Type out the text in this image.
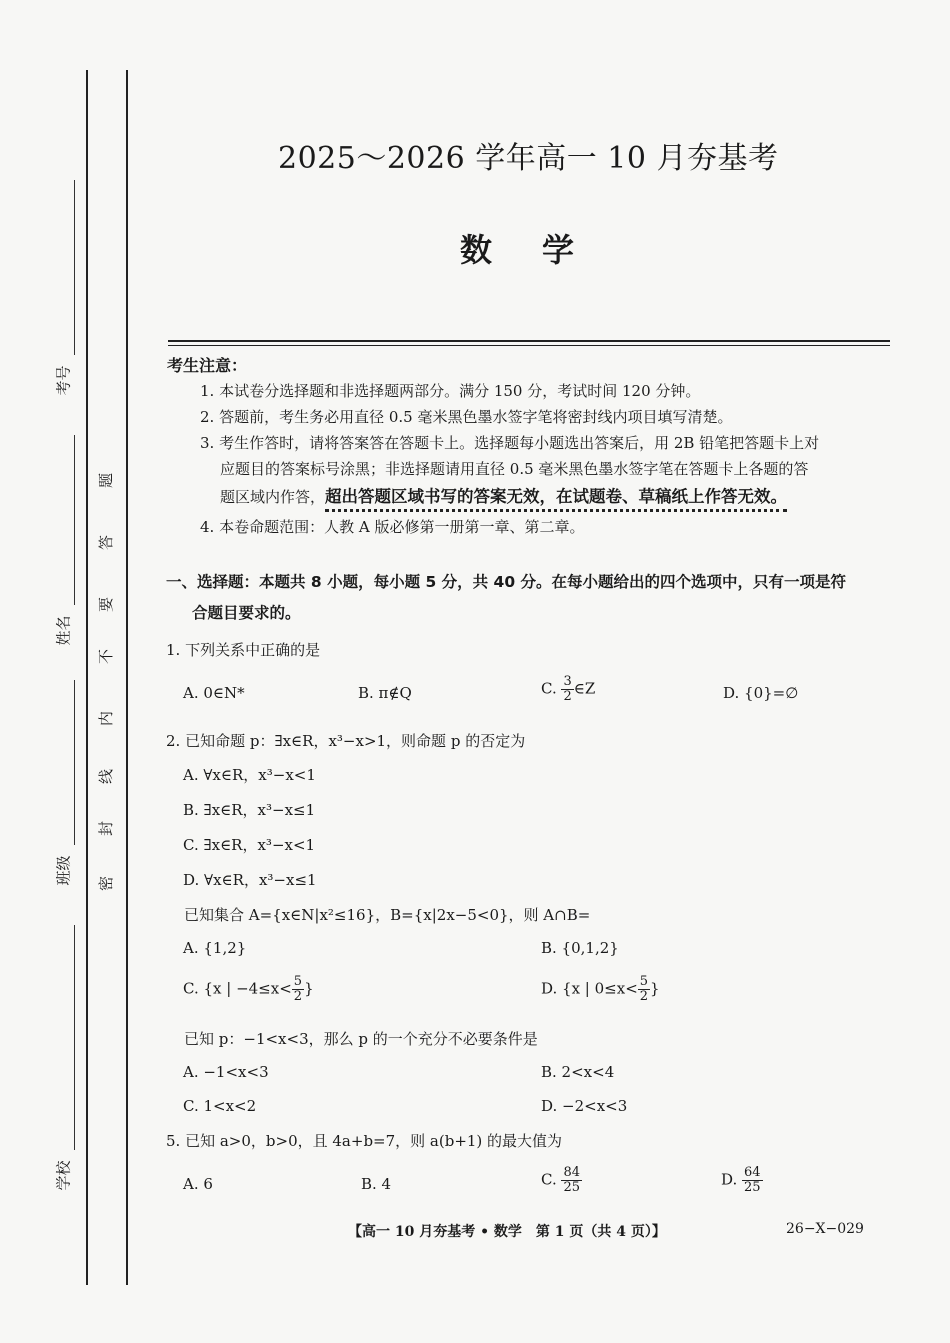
考号
姓名
班级
学校
题
答
要
不
内
线
封
密
2025～2026 学年高一 10 月夯基考
数学
考生注意：
1. 本试卷分选择题和非选择题两部分。满分 150 分，考试时间 120 分钟。
2. 答题前，考生务必用直径 0.5 毫米黑色墨水签字笔将密封线内项目填写清楚。
3. 考生作答时，请将答案答在答题卡上。选择题每小题选出答案后，用 2B 铅笔把答题卡上对
应题目的答案标号涂黑；非选择题请用直径 0.5 毫米黑色墨水签字笔在答题卡上各题的答
题区域内作答，超出答题区域书写的答案无效，在试题卷、草稿纸上作答无效。
4. 本卷命题范围：人教 A 版必修第一册第一章、第二章。
一、选择题：本题共 8 小题，每小题 5 分，共 40 分。在每小题给出的四个选项中，只有一项是符
合题目要求的。
1. 下列关系中正确的是
A. 0∈N*	B. π∉Q	C. $\frac{3}{2}$ ∈Z	D. {0}=∅
2. 已知命题 p：∃x∈R，x³−x>1，则命题 p 的否定为
A. ∀x∈R，x³−x<1
B. ∃x∈R，x³−x≤1
C. ∃x∈R，x³−x<1
D. ∀x∈R，x³−x≤1
已知集合 A={x∈N|x²≤16}，B={x|2x−5<0}，则 A∩B=
A. {1,2}	B. {0,1,2}
C. {x | $-4\le x< \frac{5}{2}$ }	D. {x | $0\le x< \frac{5}{2}$ }
已知 p：−1<x<3，那么 p 的一个充分不必要条件是
A. −1<x<3	B. 2<x<4
C. 1<x<2	D. −2<x<3
5. 已知 a>0，b>0，且 4a+b=7，则 a(b+1) 的最大值为
A. 6	B. 4	C. $\frac{84}{25}$	D. $\frac{64}{25}$
【高一 10 月夯基考 • 数学　第 1 页（共 4 页）】	26−X−029
